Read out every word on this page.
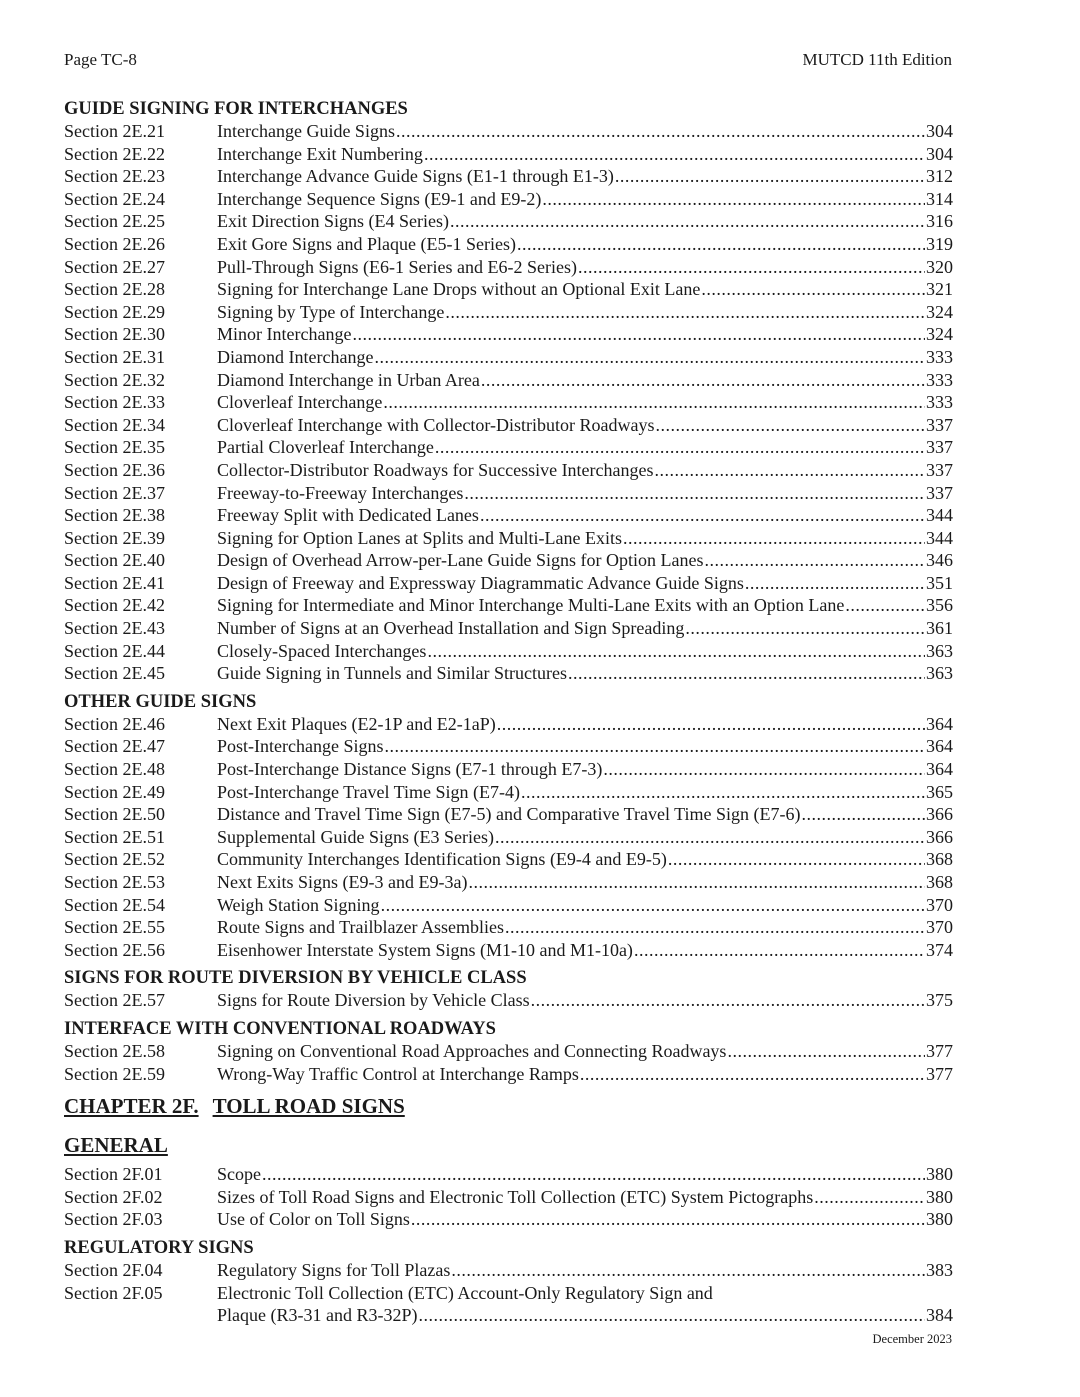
Page TC-8	MUTCD 11th Edition
GUIDE SIGNING FOR INTERCHANGES
Section 2E.21	Interchange Guide Signs .....	304
Section 2E.22	Interchange Exit Numbering .....	304
Section 2E.23	Interchange Advance Guide Signs (E1-1 through E1-3) .....	312
Section 2E.24	Interchange Sequence Signs (E9-1 and E9-2) .....	314
Section 2E.25	Exit Direction Signs (E4 Series) .....	316
Section 2E.26	Exit Gore Signs and Plaque (E5-1 Series) .....	319
Section 2E.27	Pull-Through Signs (E6-1 Series and E6-2 Series) .....	320
Section 2E.28	Signing for Interchange Lane Drops without an Optional Exit Lane .....	321
Section 2E.29	Signing by Type of Interchange .....	324
Section 2E.30	Minor Interchange .....	324
Section 2E.31	Diamond Interchange .....	333
Section 2E.32	Diamond Interchange in Urban Area .....	333
Section 2E.33	Cloverleaf Interchange .....	333
Section 2E.34	Cloverleaf Interchange with Collector-Distributor Roadways .....	337
Section 2E.35	Partial Cloverleaf Interchange .....	337
Section 2E.36	Collector-Distributor Roadways for Successive Interchanges .....	337
Section 2E.37	Freeway-to-Freeway Interchanges .....	337
Section 2E.38	Freeway Split with Dedicated Lanes .....	344
Section 2E.39	Signing for Option Lanes at Splits and Multi-Lane Exits .....	344
Section 2E.40	Design of Overhead Arrow-per-Lane Guide Signs for Option Lanes .....	346
Section 2E.41	Design of Freeway and Expressway Diagrammatic Advance Guide Signs .....	351
Section 2E.42	Signing for Intermediate and Minor Interchange Multi-Lane Exits with an Option Lane .....	356
Section 2E.43	Number of Signs at an Overhead Installation and Sign Spreading .....	361
Section 2E.44	Closely-Spaced Interchanges .....	363
Section 2E.45	Guide Signing in Tunnels and Similar Structures .....	363
OTHER GUIDE SIGNS
Section 2E.46	Next Exit Plaques (E2-1P and E2-1aP) .....	364
Section 2E.47	Post-Interchange Signs .....	364
Section 2E.48	Post-Interchange Distance Signs (E7-1 through E7-3) .....	364
Section 2E.49	Post-Interchange Travel Time Sign (E7-4) .....	365
Section 2E.50	Distance and Travel Time Sign (E7-5) and Comparative Travel Time Sign (E7-6) .....	366
Section 2E.51	Supplemental Guide Signs (E3 Series) .....	366
Section 2E.52	Community Interchanges Identification Signs (E9-4 and E9-5) .....	368
Section 2E.53	Next Exits Signs (E9-3 and E9-3a) .....	368
Section 2E.54	Weigh Station Signing .....	370
Section 2E.55	Route Signs and Trailblazer Assemblies .....	370
Section 2E.56	Eisenhower Interstate System Signs (M1-10 and M1-10a) .....	374
SIGNS FOR ROUTE DIVERSION BY VEHICLE CLASS
Section 2E.57	Signs for Route Diversion by Vehicle Class .....	375
INTERFACE WITH CONVENTIONAL ROADWAYS
Section 2E.58	Signing on Conventional Road Approaches and Connecting Roadways .....	377
Section 2E.59	Wrong-Way Traffic Control at Interchange Ramps .....	377
CHAPTER 2F. TOLL ROAD SIGNS
GENERAL
Section 2F.01	Scope .....	380
Section 2F.02	Sizes of Toll Road Signs and Electronic Toll Collection (ETC) System Pictographs .....	380
Section 2F.03	Use of Color on Toll Signs .....	380
REGULATORY SIGNS
Section 2F.04	Regulatory Signs for Toll Plazas .....	383
Section 2F.05	Electronic Toll Collection (ETC) Account-Only Regulatory Sign and
Plaque (R3-31 and R3-32P) .....	384
December 2023
